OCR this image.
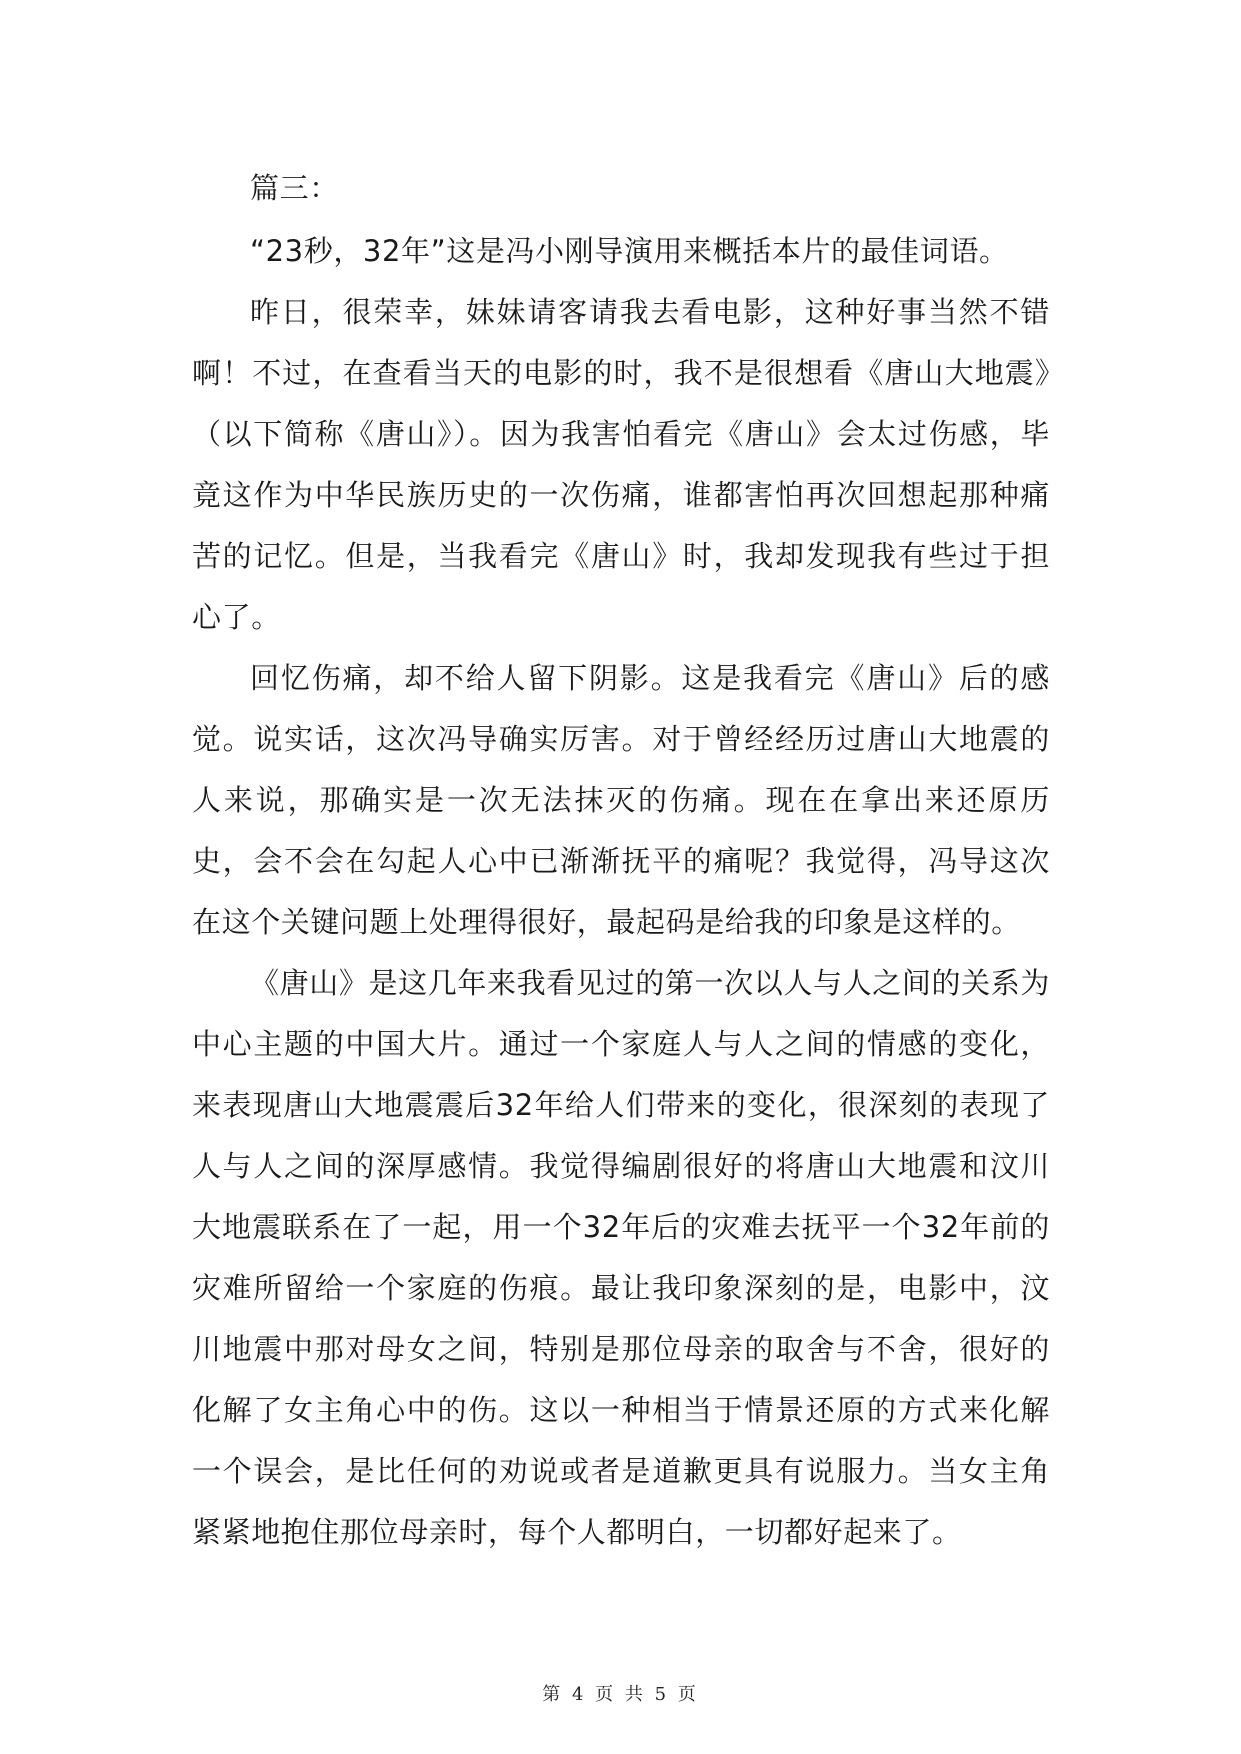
篇三：

“23秒，32年”这是冯小刚导演用来概括本片的最佳词语。

昨日，很荣幸，妹妹请客请我去看电影，这种好事当然不错啊！不过，在查看当天的电影的时，我不是很想看《唐山大地震》（以下简称《唐山》）。因为我害怕看完《唐山》会太过伤感，毕竟这作为中华民族历史的一次伤痛，谁都害怕再次回想起那种痛苦的记忆。但是，当我看完《唐山》时，我却发现我有些过于担心了。

回忆伤痛，却不给人留下阴影。这是我看完《唐山》后的感觉。说实话，这次冯导确实厉害。对于曾经经历过唐山大地震的人来说，那确实是一次无法抹灭的伤痛。现在在拿出来还原历史，会不会在勾起人心中已渐渐抚平的痛呢？我觉得，冯导这次在这个关键问题上处理得很好，最起码是给我的印象是这样的。

《唐山》是这几年来我看见过的第一次以人与人之间的关系为中心主题的中国大片。通过一个家庭人与人之间的情感的变化，来表现唐山大地震震后32年给人们带来的变化，很深刻的表现了人与人之间的深厚感情。我觉得编剧很好的将唐山大地震和汶川大地震联系在了一起，用一个32年后的灾难去抚平一个32年前的灾难所留给一个家庭的伤痕。最让我印象深刻的是，电影中，汶川地震中那对母女之间，特别是那位母亲的取舍与不舍，很好的化解了女主角心中的伤。这以一种相当于情景还原的方式来化解一个误会，是比任何的劝说或者是道歉更具有说服力。当女主角紧紧地抱住那位母亲时，每个人都明白，一切都好起来了。

第 4 页 共 5 页
